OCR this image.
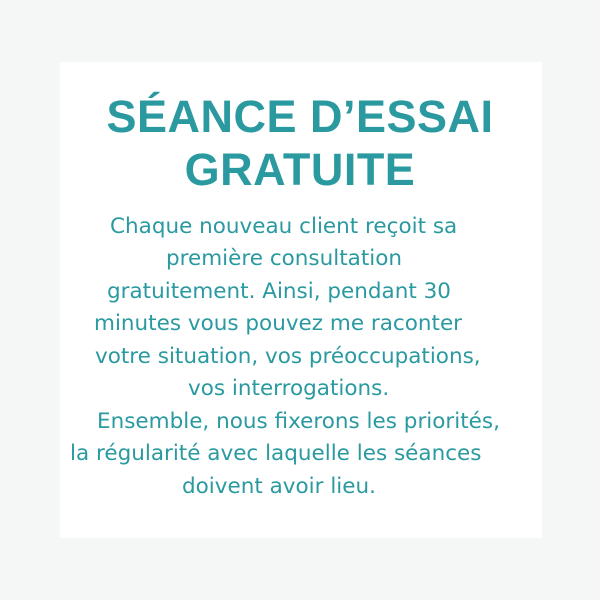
SÉANCE D’ESSAI
GRATUITE
Chaque nouveau client reçoit sa
première consultation
gratuitement. Ainsi, pendant 30
minutes vous pouvez me raconter
votre situation, vos préoccupations,
vos interrogations.
Ensemble, nous fixerons les priorités,
la régularité avec laquelle les séances
doivent avoir lieu.
